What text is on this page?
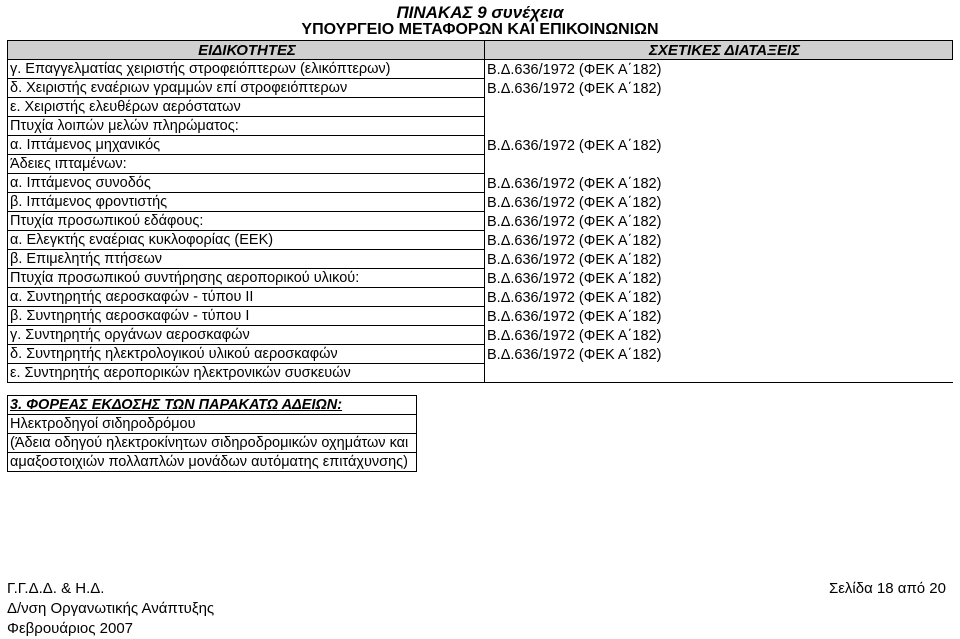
ΠΙΝΑΚΑΣ 9 συνέχεια
ΥΠΟΥΡΓΕΙΟ ΜΕΤΑΦΟΡΩΝ ΚΑΙ ΕΠΙΚΟΙΝΩΝΙΩΝ
ΕΙΔΙΚΟΤΗΤΕΣ	ΣΧΕΤΙΚΕΣ ΔΙΑΤΑΞΕΙΣ
γ. Επαγγελματίας χειριστής στροφειόπτερων (ελικόπτερων)	Β.Δ.636/1972 (ΦΕΚ Α΄182)
δ. Χειριστής εναέριων γραμμών επί στροφειόπτερων	Β.Δ.636/1972 (ΦΕΚ Α΄182)
ε. Χειριστής ελευθέρων αερόστατων	
Πτυχία λοιπών μελών πληρώματος:	
α. Ιπτάμενος μηχανικός	Β.Δ.636/1972 (ΦΕΚ Α΄182)
Άδειες ιπταμένων:	
α. Ιπτάμενος συνοδός	Β.Δ.636/1972 (ΦΕΚ Α΄182)
β. Ιπτάμενος φροντιστής	Β.Δ.636/1972 (ΦΕΚ Α΄182)
Πτυχία προσωπικού εδάφους:	Β.Δ.636/1972 (ΦΕΚ Α΄182)
α. Ελεγκτής εναέριας κυκλοφορίας (ΕΕΚ)	Β.Δ.636/1972 (ΦΕΚ Α΄182)
β. Επιμελητής πτήσεων	Β.Δ.636/1972 (ΦΕΚ Α΄182)
Πτυχία προσωπικού συντήρησης αεροπορικού υλικού:	Β.Δ.636/1972 (ΦΕΚ Α΄182)
α. Συντηρητής αεροσκαφών - τύπου ΙΙ	Β.Δ.636/1972 (ΦΕΚ Α΄182)
β. Συντηρητής αεροσκαφών - τύπου Ι	Β.Δ.636/1972 (ΦΕΚ Α΄182)
γ. Συντηρητής οργάνων αεροσκαφών	Β.Δ.636/1972 (ΦΕΚ Α΄182)
δ. Συντηρητής ηλεκτρολογικού υλικού αεροσκαφών	Β.Δ.636/1972 (ΦΕΚ Α΄182)
ε. Συντηρητής αεροπορικών ηλεκτρονικών συσκευών	
3. ΦΟΡΕΑΣ ΕΚΔΟΣΗΣ ΤΩΝ ΠΑΡΑΚΑΤΩ ΑΔΕΙΩΝ:
Ηλεκτροδηγοί σιδηροδρόμου
(Άδεια οδηγού ηλεκτροκίνητων σιδηροδρομικών οχημάτων και
αμαξοστοιχιών πολλαπλών μονάδων αυτόματης επιτάχυνσης)
Γ.Γ.Δ.Δ. & Η.Δ.
Δ/νση Οργανωτικής Ανάπτυξης
Φεβρουάριος 2007
Σελίδα 18 από 20
